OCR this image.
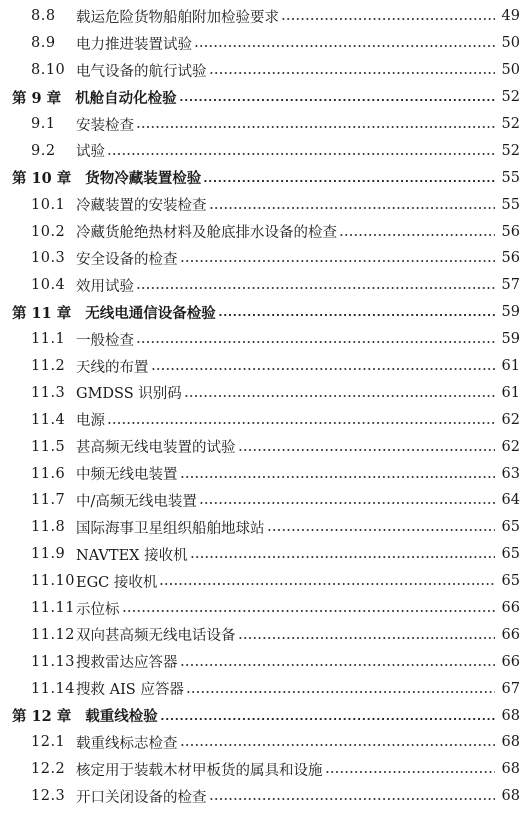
8.8	载运危险货物船舶附加检验要求	49
8.9	电力推进装置试验	50
8.10 电气设备的航行试验	50
第 9 章 机舱自动化检验	52
9.1	安装检查	52
9.2	试验	52
第 10 章 货物冷藏装置检验	55
10.1 冷藏装置的安装检查	55
10.2 冷藏货舱绝热材料及舱底排水设备的检查	56
10.3 安全设备的检查	56
10.4 效用试验	57
第 11 章 无线电通信设备检验	59
11.1 一般检查	59
11.2 天线的布置	61
11.3 GMDSS 识别码	61
11.4 电源	62
11.5 甚高频无线电装置的试验	62
11.6 中频无线电装置	63
11.7 中/高频无线电装置	64
11.8 国际海事卫星组织船舶地球站	65
11.9 NAVTEX 接收机	65
11.10 EGC 接收机	65
11.11 示位标	66
11.12 双向甚高频无线电话设备	66
11.13 搜救雷达应答器	66
11.14 搜救 AIS 应答器	67
第 12 章 载重线检验	68
12.1 载重线标志检查	68
12.2 核定用于装载木材甲板货的属具和设施	68
12.3 开口关闭设备的检查	68
